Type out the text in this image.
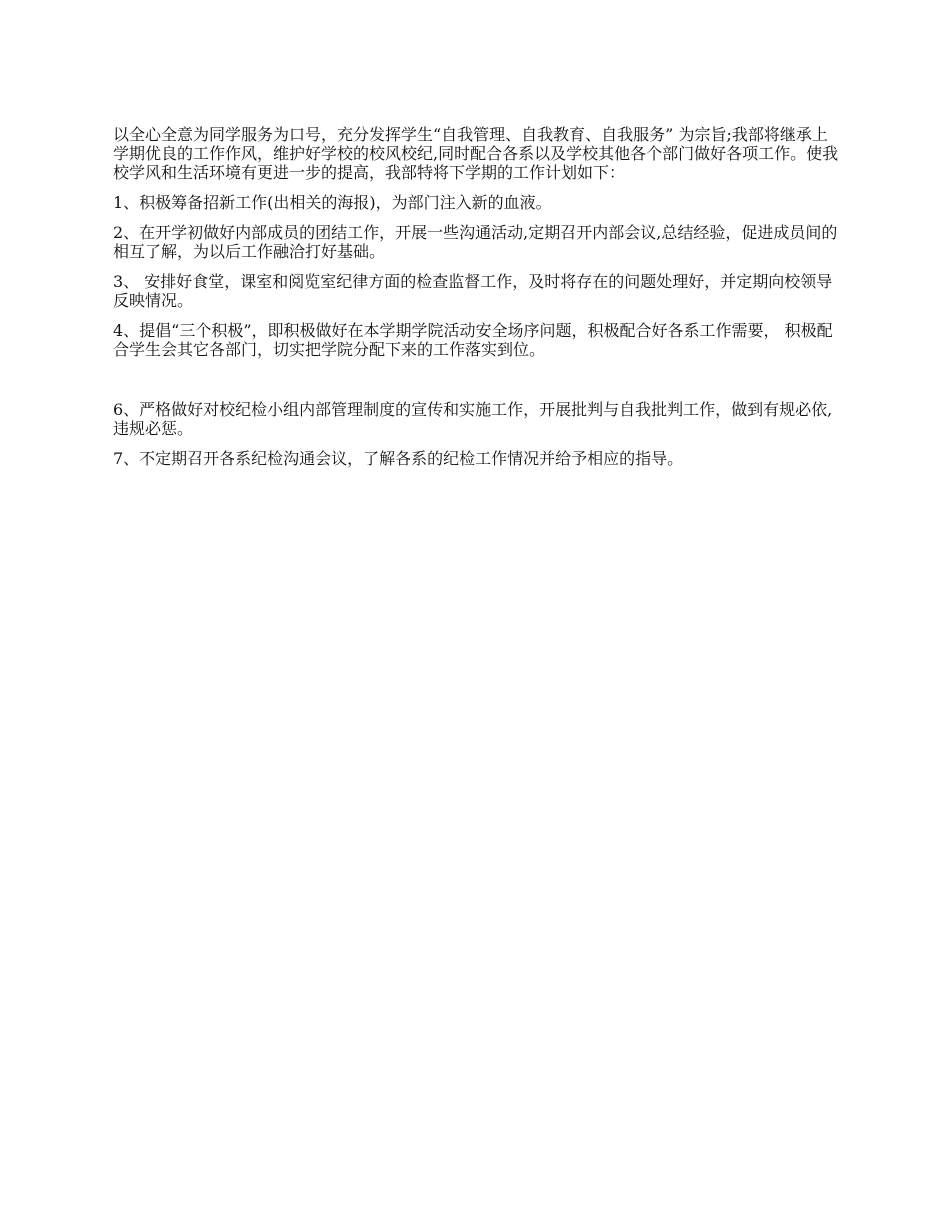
以全心全意为同学服务为口号，充分发挥学生“自我管理、自我教育、自我服务” 为宗旨;我部将继承上学期优良的工作作风，维护好学校的校风校纪,同时配合各系以及学校其他各个部门做好各项工作。使我校学风和生活环境有更进一步的提高，我部特将下学期的工作计划如下：

1、积极筹备招新工作(出相关的海报)，为部门注入新的血液。

2、在开学初做好内部成员的团结工作，开展一些沟通活动,定期召开内部会议,总结经验，促进成员间的相互了解，为以后工作融洽打好基础。

3、 安排好食堂，课室和阅览室纪律方面的检查监督工作，及时将存在的问题处理好，并定期向校领导反映情况。

4、提倡“三个积极”，即积极做好在本学期学院活动安全场序问题，积极配合好各系工作需要， 积极配合学生会其它各部门，切实把学院分配下来的工作落实到位。

6、严格做好对校纪检小组内部管理制度的宣传和实施工作，开展批判与自我批判工作，做到有规必依,违规必惩。

7、不定期召开各系纪检沟通会议，了解各系的纪检工作情况并给予相应的指导。
